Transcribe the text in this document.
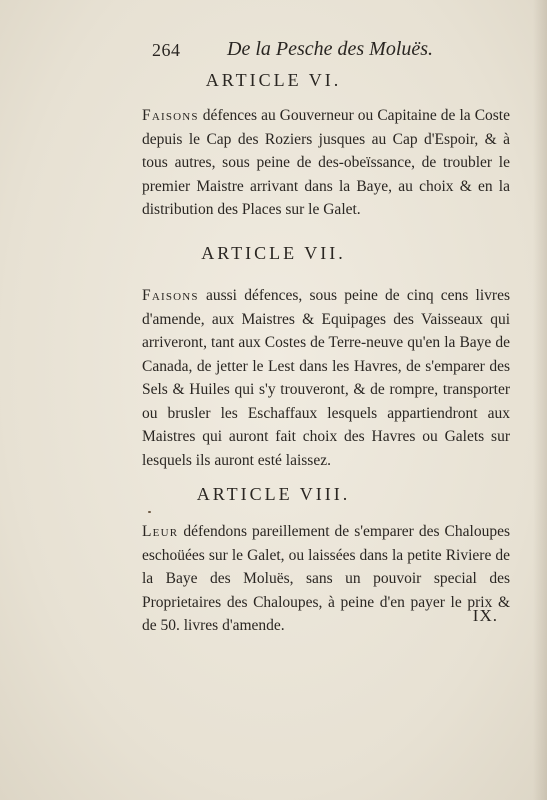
264 De la Pesche des Moluës.
ARTICLE VI.

Faisons défences au Gouverneur ou Capitaine de la Coste depuis le Cap des Roziers jusques au Cap d'Espoir, & à tous autres, sous peine de des-obeïssance, de troubler le premier Maistre arrivant dans la Baye, au choix & en la distribution des Places sur le Galet.

ARTICLE VII.

Faisons aussi défences, sous peine de cinq cens livres d'amende, aux Maistres & Equipages des Vaisseaux qui arriveront, tant aux Costes de Terre-neuve qu'en la Baye de Canada, de jetter le Lest dans les Havres, de s'emparer des Sels & Huiles qui s'y trouveront, & de rompre, transporter ou brusler les Eschaffaux lesquels appartiendront aux Maistres qui auront fait choix des Havres ou Galets sur lesquels ils auront esté laissez.

ARTICLE VIII.

Leur défendons pareillement de s'emparer des Chaloupes eschoüées sur le Galet, ou laissées dans la petite Riviere de la Baye des Moluës, sans un pouvoir special des Proprietaires des Chaloupes, à peine d'en payer le prix & de 50. livres d'amende.

IX.
